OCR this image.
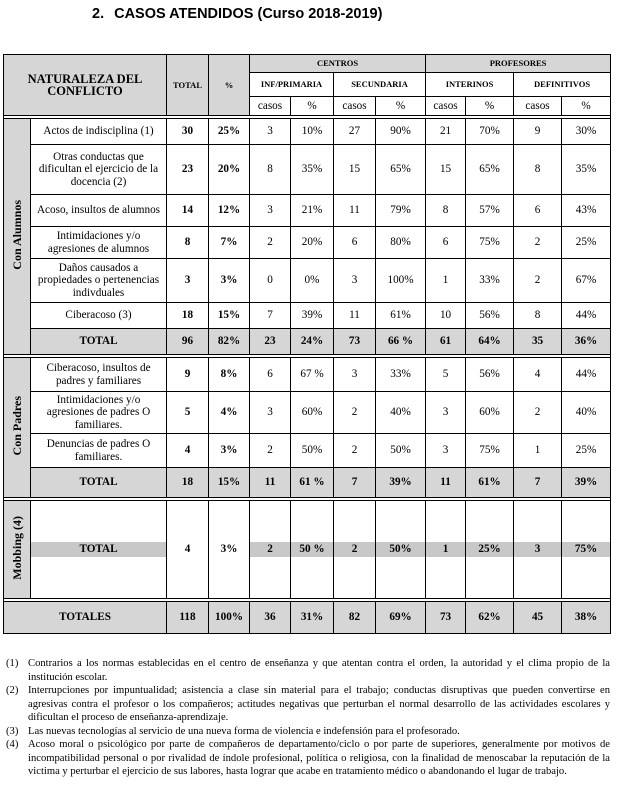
2. CASOS ATENDIDOS (Curso 2018-2019)
NATURALEZA DEL CONFLICTO		TOTAL	%	CENTROS				PROFESORES			
				INF/PRIMARIA		SECUNDARIA		INTERINOS		DEFINITIVOS	
				casos	%	casos	%	casos	%	casos	%

Con Alumnos	Actos de indisciplina (1)	30	25%	3	10%	27	90%	21	70%	9	30%
	Otras conductas que dificultan el ejercicio de la docencia (2)	23	20%	8	35%	15	65%	15	65%	8	35%
	Acoso, insultos de alumnos	14	12%	3	21%	11	79%	8	57%	6	43%
	Intimidaciones y/o agresiones de alumnos	8	7%	2	20%	6	80%	6	75%	2	25%
	Daños causados a propiedades o pertenencias indivduales	3	3%	0	0%	3	100%	1	33%	2	67%
	Ciberacoso (3)	18	15%	7	39%	11	61%	10	56%	8	44%
	TOTAL	96	82%	23	24%	73	66 %	61	64%	35	36%

Con Padres	Ciberacoso, insultos de padres y familiares	9	8%	6	67 %	3	33%	5	56%	4	44%
	Intimidaciones y/o agresiones de padres O familiares.	5	4%	3	60%	2	40%	3	60%	2	40%
	Denuncias de padres O familiares.	4	3%	2	50%	2	50%	3	75%	1	25%
	TOTAL	18	15%	11	61 %	7	39%	11	61%	7	39%

Mobbing (4)	TOTAL	4	3%	2	50 %	2	50%	1	25%	3	75%

TOTALES		118	100%	36	31%	82	69%	73	62%	45	38%
(1) Contrarios a los normas establecidas en el centro de enseñanza y que atentan contra el orden, la autoridad y el clima propio de la institución escolar.
(2) Interrupciones por impuntualidad; asistencia a clase sin material para el trabajo; conductas disruptivas que pueden convertirse en agresivas contra el profesor o los compañeros; actitudes negativas que perturban el normal desarrollo de las actividades escolares y dificultan el proceso de enseñanza-aprendizaje.
(3) Las nuevas tecnologías al servicio de una nueva forma de violencia e indefensión para el profesorado.
(4) Acoso moral o psicológico por parte de compañeros de departamento/ciclo o por parte de superiores, generalmente por motivos de incompatibilidad personal o por rivalidad de índole profesional, política o religiosa, con la finalidad de menoscabar la reputación de la victima y perturbar el ejercicio de sus labores, hasta lograr que acabe en tratamiento médico o abandonando el lugar de trabajo.
